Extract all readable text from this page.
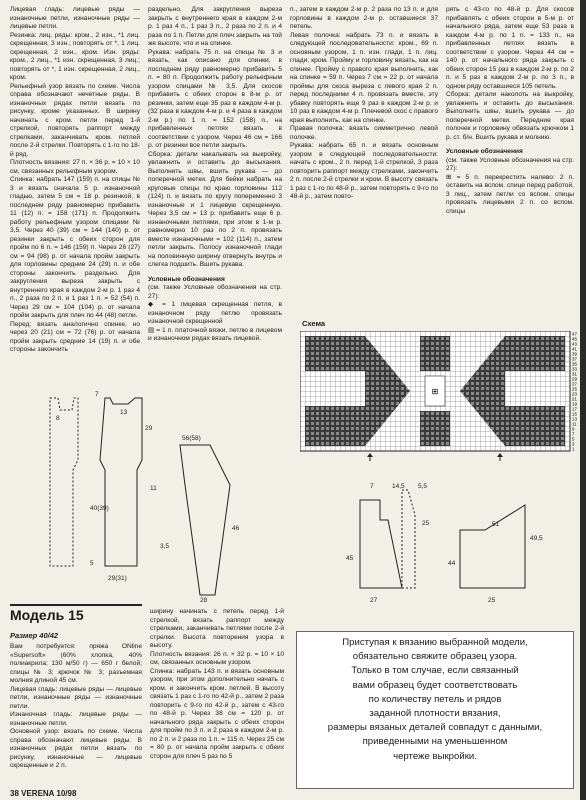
Лицевая гладь: лицевые ряды — изнаночные петли, изнаночные ряды — лицевые петли.

Резинка: лиц. ряды: кром., 2 изн., *1 лиц. скрещенная, 3 изн.; повторять от *, 1 лиц. скрещенная, 2 изн., кром. Изн. ряды: кром., 2 лиц., *1 изн. скрещенная, 3 лиц.; повторять от *, 1 изн. скрещенная, 2 лиц., кром.

Рельефный узор вязать по схеме. Числа справа обозначают нечетные ряды. В изнаночных рядах петли вязать по рисунку, кроме указанных. В ширину начинать с кром. петли перед 1-й стрелкой, повторять раппорт между стрелками, заканчивать кром. петлей после 2-й стрелки. Повторять с 1-го по 18-й ряд.

Плотность вязания: 27 п. × 36 р. = 10 × 10 см, связанных рельефным узором.

Спинка: набрать 147 (159) п. на спицы № 3 и вязать сначала 5 р. изнаночной гладью, затем 5 см = 18 р. резинкой, в последнем ряду равномерно прибавить 11 (12) п. = 158 (171) п. Продолжить работу рельефным узором спицами № 3,5. Через 40 (39) см = 144 (140) р. от резинки закрыть с обеих сторон для пройм по 6 п. = 146 (159) п. Через 26 (27) см = 94 (98) р. от начала пройм закрыть для горловины средние 24 (29) п. и обе стороны закончить раздельно. Для закругления выреза закрыть с внутреннего края в каждом 2-м р. 1 раз 4 п., 2 раза по 2 п. и 1 раз 1 п. = 52 (54) п. Через 29 см = 104 (104) р. от начала пройм закрыть для плеч по 44 (48) петли.

Перед: вязать аналогично спинке, но через 20 (21) см = 72 (76) р. от начала пройм закрыть средние 14 (19) п. и обе стороны закончить

раздельно. Для закругления выреза закрыть с внутреннего края в каждом 2-м р. 1 раз 4 п., 1 раз 3 п., 2 раза по 2 п. и 4 раза по 1 п. Петли для плеч закрыть на той же высоте, что и на спинке.

Рукава: набрать 75 п. на спицы № 3 и вязать, как описано для спинки, в последнем ряду равномерно прибавить 5 п. = 80 п. Продолжить работу рельефным узором спицами № 3,5. Для скосов прибавить с обеих сторон в 8-м р. от резинки, затем еще 35 раз в каждом 4-м р. (32 раза в каждом 4-м р. и 4 раза в каждом 2-м р.) по 1 п. = 152 (158) п., на прибавленных петлях вязать в соответствии с узором. Через 46 см = 166 р. от резинки все петли закрыть.

Сборка: детали накалывать на выкройку, увлажнить и оставить до высыхания. Выполнить швы, вшить рукава — до поперечной метки. Для бейки набрать на круговые спицы по краю горловины 112 (124) п. и вязать по кругу попеременно 3 изнаночные и 1 лицевую скрещенную. Через 3,5 см = 13 р. прибавить еще 6 р. изнаночными петлями, при этом в 1-м р. равномерно 10 раз по 2 п. провязать вместе изнаночными = 102 (114) п., затем петли закрыть. Полосу изнаночной глади на половинную ширину отвернуть внутрь и слегка подшить. Вшить рукава.

Условные обозначения

(см. также Условные обозначения на стр. 27):

◆ = 1 лицевая скрещенная петля, в изнаночном ряду петлю провязать изнаночной скрещенной

▤ = 1 п. платочной вязки, петлю в лицевом и изнаночном рядах вязать лицевой.

п., затем в каждом 2-м р. 2 раза по 13 п. и для горловины в каждом 2-м р. оставшиеся 37 петель.

Левая полочка: набрать 73 п. и вязать в следующей последовательности: кром., 69 п. основным узором, 1 п. изн. глади, 1 п. лиц. глади, кром. Пройму и горловину вязать, как на спинке. Пройму с правого края выполнить, как на спинке = 59 п. Через 7 см = 22 р. от начала проймы для скоса выреза с левого края 2 п. перед последними 4 п. провязать вместе, эту убавку повторять еще 9 раз в каждом 2-м р. и 10 раз в каждом 4-м р. Плечевой скос с правого края выполнить, как на спинке.

Правая полочка: вязать симметрично левой полочке.

Рукава: набрать 65 п. и вязать основным узором в следующей последовательности: начать с кром., 2 п. перед 1-й стрелкой, 3 раза повторить раппорт между стрелками, закончить 2 п. после 2-й стрелки и кром. В высоту связать 1 раз с 1-го по 48-й р., затем повторять с 9-го по 48-й р., затем повто-

рять с 43-го по 48-й р. Для скосов прибавлять с обеих сторон в 5-м р. от начального ряда, затем еще 53 раза в каждом 4-м р. по 1 п. = 133 п., на прибавленных петлях вязать в соответствии с узором. Через 44 см = 140 р. от начального ряда закрыть с обеих сторон 15 раз в каждом 2-м р. по 2 п. и 5 раз в каждом 2-м р. по 3 п., в одном ряду оставшиеся 105 петель.

Сборка: детали наколоть на выкройку, увлажнить и оставить до высыхания. Выполнить швы, вшить рукава — до поперечной метки. Передние края полочек и горловину обвязать крючком 1 р. ст. б/н. Вшить рукава и молнию.

Условные обозначения

(см. также Условные обозначения на стр. 27):

⊞ = 5 п. перекрестить налево: 2 п. оставить на вспом. спице перед работой, 3 лиц., затем петли со вспом. спицы провязать лицевыми 2 п. со вспом. спицы

Схема
⊞
47
45
43
41
39
37
35
33
31
29
27
25
23
21
19
17
15
13
11
9
7
5
3
1
7
13
29
40(39)
5
29(31)
56(58)
46
28
11
3,5
8
7	14,5 5,5
45
25
27	25
49,5
44
51
Модель 15
Размер 40/42

Вам потребуется: пряжа ONline «Supersoft» (60% хлопка, 40% полиакрила; 130 м/50 г) — 650 г белой; спицы № 3; крючок № 3; разъемная молния длиной 45 см.

Лицевая гладь: лицевые ряды — лицевые петли, изнаночные ряды — изнаночные петли.

Изнаночная гладь: лицевые ряды — изнаночные петли.

Основной узор: вязать по схеме. Числа справа обозначают лицевые ряды. В изнаночных рядах петли вязать по рисунку, изнаночные — лицевые скрещенные и 2 п.

ширину начинать с петель перед 1-й стрелкой, вязать раппорт между стрелками, заканчивать петлями после 2-й стрелки. Высота повторения узора в высоту.

Плотность вязания: 26 п. × 32 р. = 10 × 10 см, связанных основным узором.

Спинка: набрать 143 п. и вязать основным узором, при этом дополнительно начать с кром. и закончить кром. петлей. В высоту связать 1 раз с 1-го по 42-й р., затем 2 раза повторить с 9-го по 42-й р., затем с 43-го по 48-й р. Через 38 см = 120 р. от начального ряда закрыть с обеих сторон для пройм по 3 п. и 2 раза в каждом 2-м р. по 2 п. и 2 раза по 1 п. = 115 п. Через 25 см = 80 р. от начала пройм закрыть с обеих сторон для плеч 5 раз по 5

Приступая к вязанию выбранной модели,
обязательно свяжите образец узора.
Только в том случае, если связанный
вами образец будет соответствовать
по количеству петель и рядов
заданной плотности вязания,
размеры вязаных деталей совпадут с данными,
приведенными на уменьшенном
чертеже выкройки.
38 VERENA 10/98
